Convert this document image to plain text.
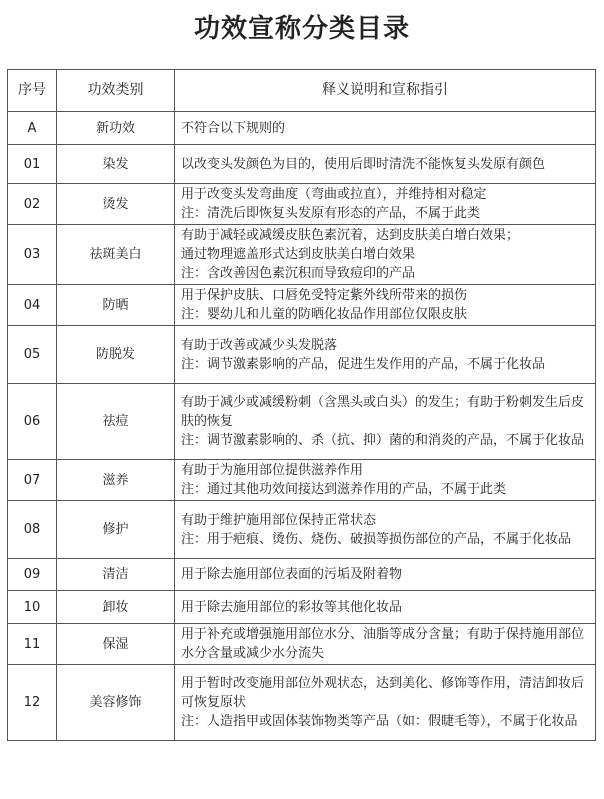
功效宣称分类目录
序号	功效类别	释义说明和宣称指引
A	新功效	不符合以下规则的

01	染发	以改变头发颜色为目的，使用后即时清洗不能恢复头发原有颜色

02	烫发	用于改变头发弯曲度（弯曲或拉直），并维持相对稳定
注：清洗后即恢复头发原有形态的产品，不属于此类

03	祛斑美白	有助于减轻或减缓皮肤色素沉着，达到皮肤美白增白效果；
通过物理遮盖形式达到皮肤美白增白效果
注：含改善因色素沉积而导致痘印的产品

04	防晒	用于保护皮肤、口唇免受特定紫外线所带来的损伤
注：婴幼儿和儿童的防晒化妆品作用部位仅限皮肤

05	防脱发	有助于改善或减少头发脱落
注：调节激素影响的产品，促进生发作用的产品，不属于化妆品

06	祛痘	有助于减少或减缓粉刺（含黑头或白头）的发生；有助于粉刺发生后皮肤的恢复
注：调节激素影响的、杀（抗、抑）菌的和消炎的产品，不属于化妆品

07	滋养	有助于为施用部位提供滋养作用
注：通过其他功效间接达到滋养作用的产品，不属于此类

08	修护	有助于维护施用部位保持正常状态
注：用于疤痕、烫伤、烧伤、破损等损伤部位的产品，不属于化妆品

09	清洁	用于除去施用部位表面的污垢及附着物

10	卸妆	用于除去施用部位的彩妆等其他化妆品

11	保湿	用于补充或增强施用部位水分、油脂等成分含量；有助于保持施用部位水分含量或减少水分流失

12	美容修饰	用于暂时改变施用部位外观状态，达到美化、修饰等作用，清洁卸妆后可恢复原状
注：人造指甲或固体装饰物类等产品（如：假睫毛等），不属于化妆品
